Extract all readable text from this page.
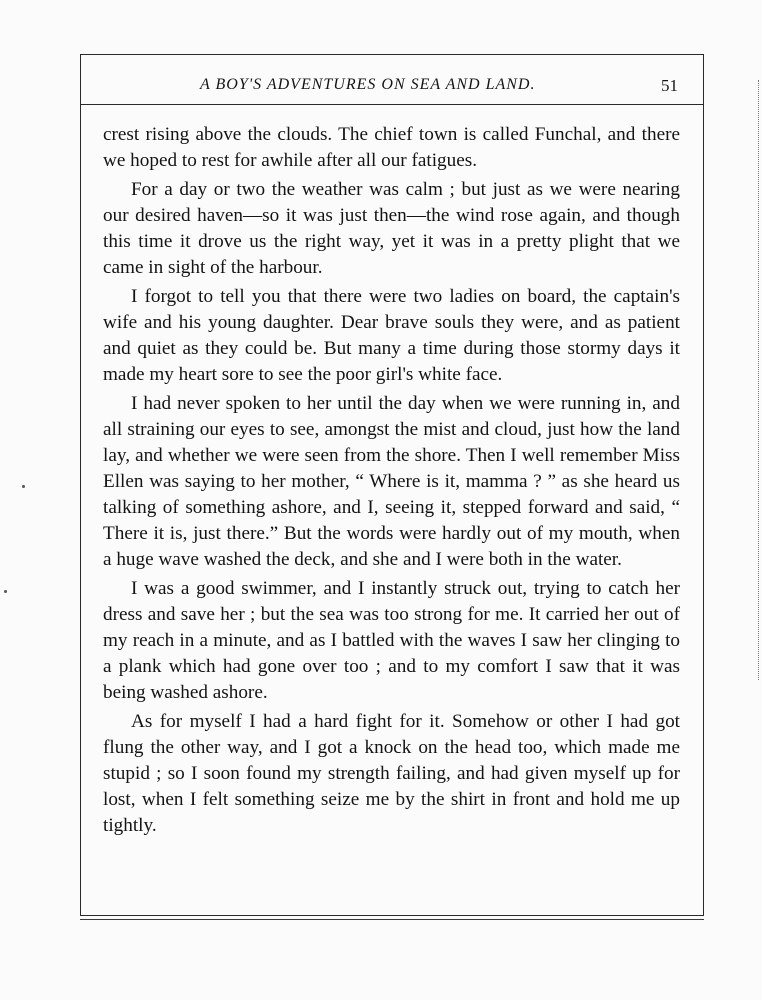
A BOY'S ADVENTURES ON SEA AND LAND.	51

crest rising above the clouds. The chief town is called Funchal, and there we hoped to rest for awhile after all our fatigues.

For a day or two the weather was calm ; but just as we were nearing our desired haven—so it was just then—the wind rose again, and though this time it drove us the right way, yet it was in a pretty plight that we came in sight of the harbour.

I forgot to tell you that there were two ladies on board, the captain's wife and his young daughter. Dear brave souls they were, and as patient and quiet as they could be. But many a time during those stormy days it made my heart sore to see the poor girl's white face.

I had never spoken to her until the day when we were running in, and all straining our eyes to see, amongst the mist and cloud, just how the land lay, and whether we were seen from the shore. Then I well remember Miss Ellen was saying to her mother, “ Where is it, mamma ? ” as she heard us talking of something ashore, and I, seeing it, stepped forward and said, “ There it is, just there.” But the words were hardly out of my mouth, when a huge wave washed the deck, and she and I were both in the water.

I was a good swimmer, and I instantly struck out, trying to catch her dress and save her ; but the sea was too strong for me. It carried her out of my reach in a minute, and as I battled with the waves I saw her clinging to a plank which had gone over too ; and to my comfort I saw that it was being washed ashore.

As for myself I had a hard fight for it. Somehow or other I had got flung the other way, and I got a knock on the head too, which made me stupid ; so I soon found my strength failing, and had given myself up for lost, when I felt something seize me by the shirt in front and hold me up tightly.
